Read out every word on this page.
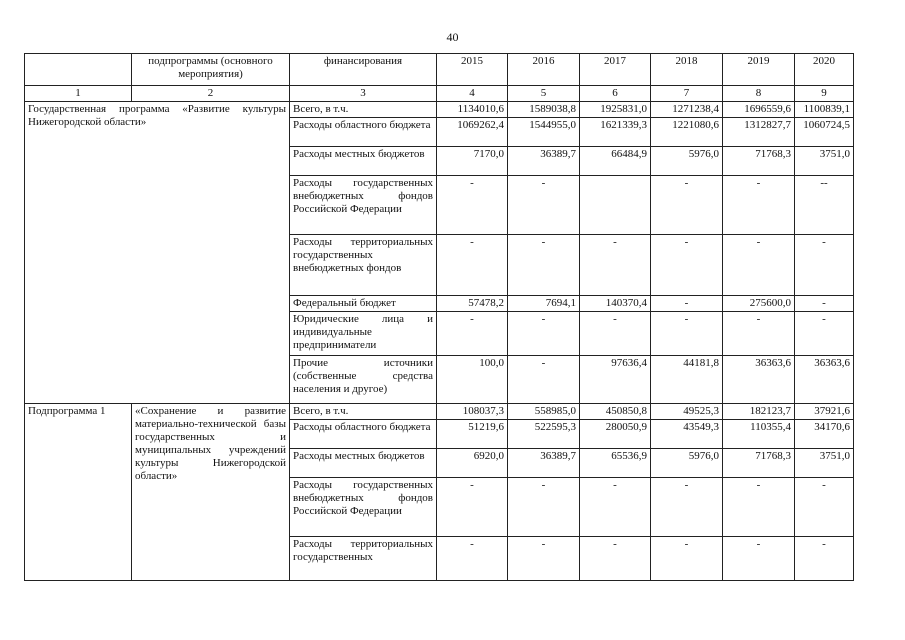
40
	подпрограммы (основного мероприятия)	финансирования	2015	2016	2017	2018	2019	2020
1	2	3	4	5	6	7	8	9
Государственная программа «Развитие культуры Нижегородской области»		Всего, в т.ч.	1134010,6	1589038,8	1925831,0	1271238,4	1696559,6	1100839,1
		Расходы областного бюджета	1069262,4	1544955,0	1621339,3	1221080,6	1312827,7	1060724,5
		Расходы местных бюджетов	7170,0	36389,7	66484,9	5976,0	71768,3	3751,0
		Расходы государственных внебюджетных фондов Российской Федерации	-	-		-	-	--
		Расходы территориальных государственных внебюджетных фондов	-	-	-	-	-	-
		Федеральный бюджет	57478,2	7694,1	140370,4	-	275600,0	-
		Юридические лица и индивидуальные предприниматели	-	-	-	-	-	-
		Прочие источники (собственные средства населения и другое)	100,0	-	97636,4	44181,8	36363,6	36363,6
Подпрограмма 1	«Сохранение и развитие материально-технической базы государственных и муниципальных учреждений культуры Нижегородской области»	Всего, в т.ч.	108037,3	558985,0	450850,8	49525,3	182123,7	37921,6
		Расходы областного бюджета	51219,6	522595,3	280050,9	43549,3	110355,4	34170,6
		Расходы местных бюджетов	6920,0	36389,7	65536,9	5976,0	71768,3	3751,0
		Расходы государственных внебюджетных фондов Российской Федерации	-	-	-	-	-	-
		Расходы территориальных государственных	-	-	-	-	-	-
